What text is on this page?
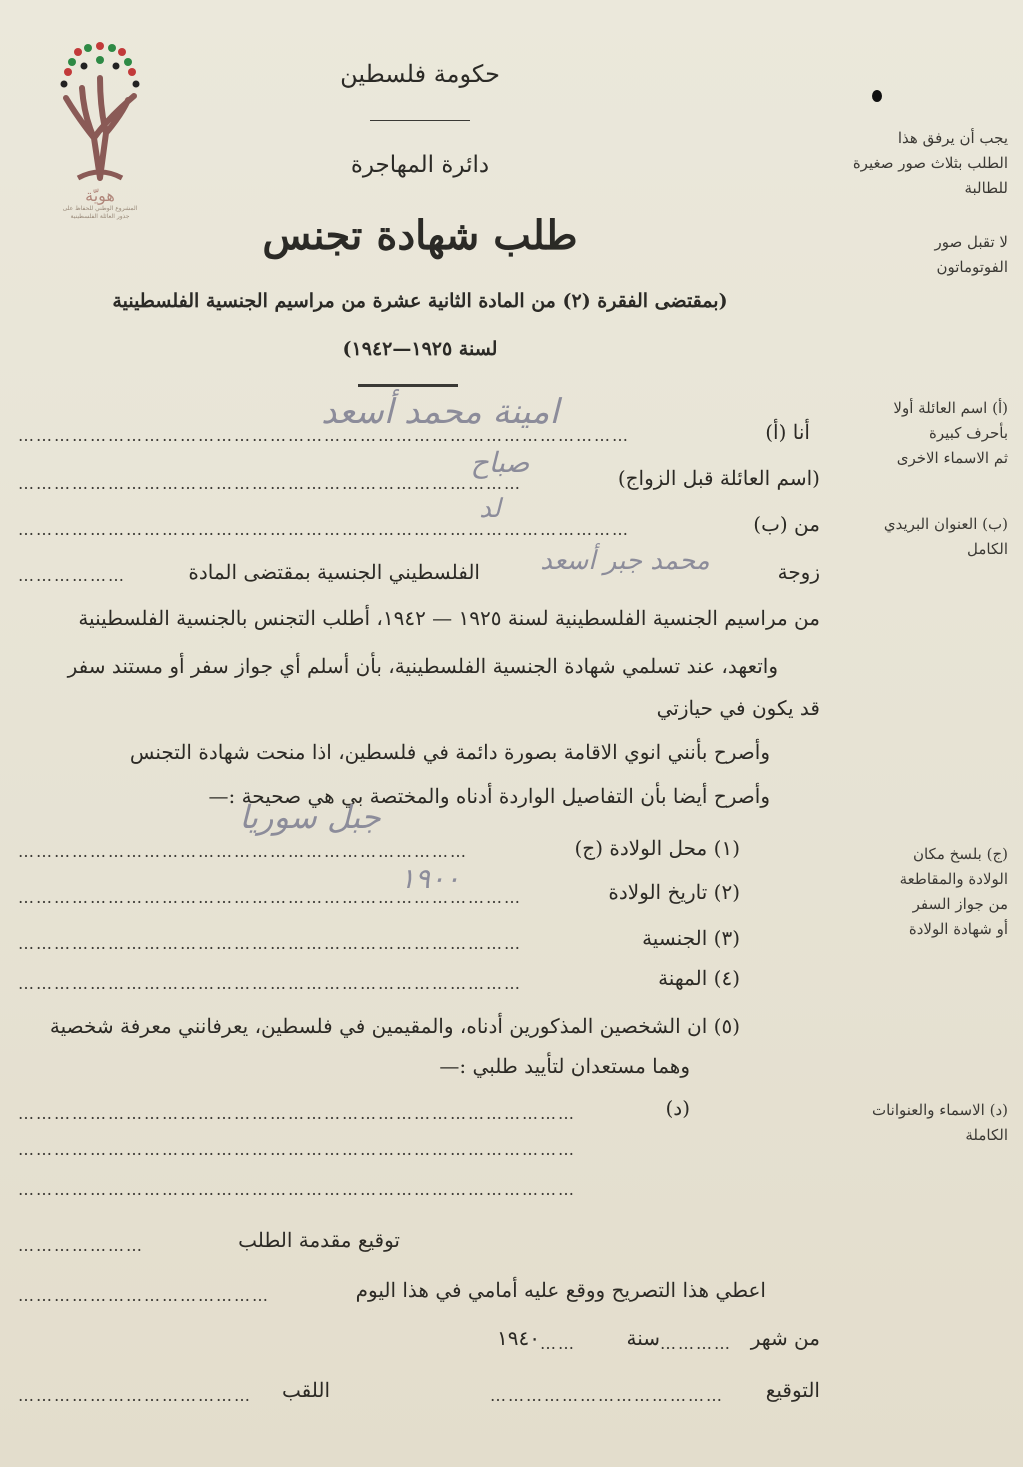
هويّة
المشروع الوطني للحفاظ على
جذور العائلة الفلسطينية
حكومة فلسطين
دائرة المهاجرة
طلب شهادة تجنس
(بمقتضى الفقرة (٢) من المادة الثانية عشرة من مراسيم الجنسية الفلسطينية
لسنة ١٩٢٥—١٩٤٢)
يجب أن يرفق هذا
الطلب بثلاث صور صغيرة
للطالبة
لا تقبل صور
الفوتوماتون
(أ) اسم العائلة أولا
بأحرف كبيرة
ثم الاسماء الاخرى
(ب) العنوان البريدي
الكامل
(ج) بلسخ مكان
الولادة والمقاطعة
من جواز السفر
أو شهادة الولادة
(د) الاسماء والعنوانات
الكاملة
امينة محمد أسعد	أنا (أ)
…………………………………………………………………………………………
صباح	(اسم العائلة قبل الزواج)
…………………………………………………………………………
لد	من (ب)
…………………………………………………………………………………………
زوجة
محمد جبر أسعد
الفلسطيني الجنسية بمقتضى المادة
………………
من مراسيم الجنسية الفلسطينية لسنة ١٩٢٥ — ١٩٤٢، أطلب التجنس بالجنسية الفلسطينية
واتعهد، عند تسلمي شهادة الجنسية الفلسطينية، بأن أسلم أي جواز سفر أو مستند سفر
قد يكون في حيازتي
وأصرح بأنني انوي الاقامة بصورة دائمة في فلسطين، اذا منحت شهادة التجنس
وأصرح أيضا بأن التفاصيل الواردة أدناه والمختصة بي هي صحيحة :—
جبل سوريا
(١) محل الولادة (ج)
…………………………………………………………………
١٩٠٠	(٢) تاريخ الولادة
…………………………………………………………………………
(٣) الجنسية
…………………………………………………………………………
(٤) المهنة
…………………………………………………………………………
(٥) ان الشخصين المذكورين أدناه، والمقيمين في فلسطين، يعرفانني معرفة شخصية
وهما مستعدان لتأييد طلبي :—
(د)
…………………………………………………………………………………
…………………………………………………………………………………
…………………………………………………………………………………
توقيع مقدمة الطلب
…………………
اعطي هذا التصريح ووقع عليه أمامي في هذا اليوم
……………………………………
من شهر
…………
سنة
……
١٩٤٠
التوقيع
…………………………………
اللقب
…………………………………
